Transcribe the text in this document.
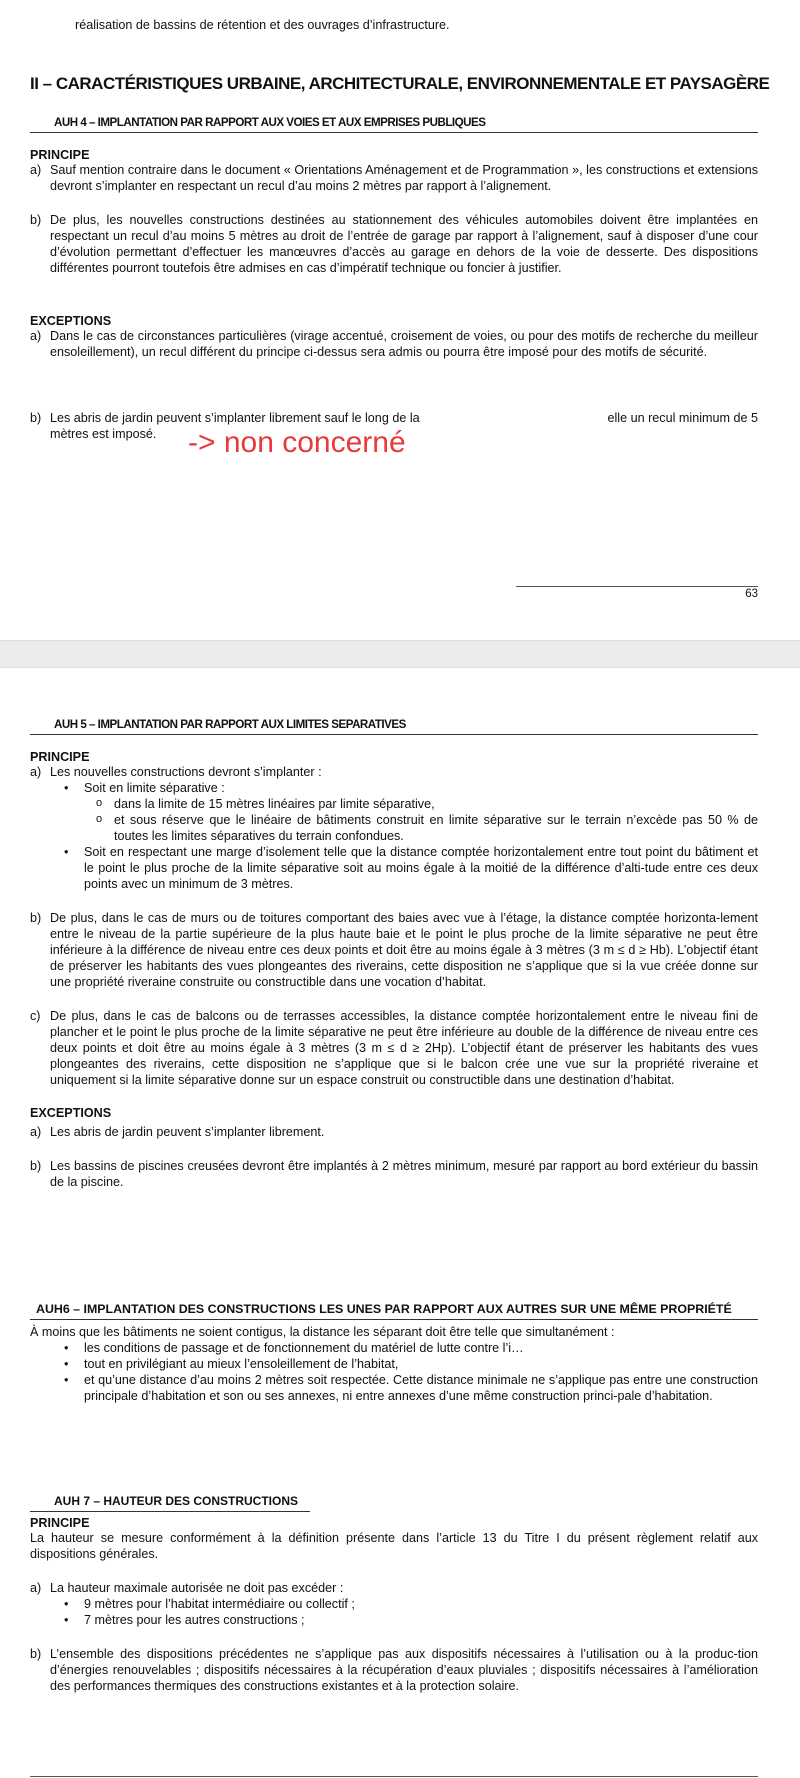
réalisation de bassins de rétention et des ouvrages d’infrastructure.

II – CARACTÉRISTIQUES URBAINE, ARCHITECTURALE, ENVIRONNEMENTALE ET PAYSAGÈRE

AUH 4 – IMPLANTATION PAR RAPPORT AUX VOIES ET AUX EMPRISES PUBLIQUES

PRINCIPE

a) Sauf mention contraire dans le document « Orientations Aménagement et de Programmation », les constructions et extensions devront s’implanter en respectant un recul d’au moins 2 mètres par rapport à l’alignement.
b) De plus, les nouvelles constructions destinées au stationnement des véhicules automobiles doivent être implantées en respectant un recul d’au moins 5 mètres au droit de l’entrée de garage par rapport à l’alignement, sauf à disposer d’une cour d’évolution permettant d’effectuer les manœuvres d’accès au garage en dehors de la voie de desserte. Des dispositions différentes pourront toutefois être admises en cas d’impératif technique ou foncier à justifier.

EXCEPTIONS

a) Dans le cas de circonstances particulières (virage accentué, croisement de voies, ou pour des motifs de recherche du meilleur ensoleillement), un recul différent du principe ci-dessus sera admis ou pourra être imposé pour des motifs de sécurité.
b) Les abris de jardin peuvent s’implanter librement sauf le long de la	elle un recul minimum de 5

mètres est imposé.	-> non concerné
63

AUH 5 – IMPLANTATION PAR RAPPORT AUX LIMITES SEPARATIVES

PRINCIPE

a) Les nouvelles constructions devront s’implanter :
• Soit en limite séparative :
o dans la limite de 15 mètres linéaires par limite séparative,
o et sous réserve que le linéaire de bâtiments construit en limite séparative sur le terrain n’excède pas 50 % de toutes les limites séparatives du terrain confondues.
• Soit en respectant une marge d’isolement telle que la distance comptée horizontalement entre tout point du bâtiment et le point le plus proche de la limite séparative soit au moins égale à la moitié de la différence d’alti-tude entre ces deux points avec un minimum de 3 mètres.
b) De plus, dans le cas de murs ou de toitures comportant des baies avec vue à l’étage, la distance comptée horizonta-lement entre le niveau de la partie supérieure de la plus haute baie et le point le plus proche de la limite séparative ne peut être inférieure à la différence de niveau entre ces deux points et doit être au moins égale à 3 mètres (3 m ≤ d ≥ Hb). L’objectif étant de préserver les habitants des vues plongeantes des riverains, cette disposition ne s’applique que si la vue créée donne sur une propriété riveraine construite ou constructible dans une vocation d’habitat.
c) De plus, dans le cas de balcons ou de terrasses accessibles, la distance comptée horizontalement entre le niveau fini de plancher et le point le plus proche de la limite séparative ne peut être inférieure au double de la différence de niveau entre ces deux points et doit être au moins égale à 3 mètres (3 m ≤ d ≥ 2Hp). L’objectif étant de préserver les habitants des vues plongeantes des riverains, cette disposition ne s’applique que si le balcon crée une vue sur la propriété riveraine et uniquement si la limite séparative donne sur un espace construit ou constructible dans une destination d’habitat.

EXCEPTIONS

a) Les abris de jardin peuvent s’implanter librement.
b) Les bassins de piscines creusées devront être implantés à 2 mètres minimum, mesuré par rapport au bord extérieur du bassin de la piscine.

AUH6 – IMPLANTATION DES CONSTRUCTIONS LES UNES PAR RAPPORT AUX AUTRES SUR UNE MÊME PROPRIÉTÉ

À moins que les bâtiments ne soient contigus, la distance les séparant doit être telle que simultanément :

• les conditions de passage et de fonctionnement du matériel de lutte contre l’i…
• tout en privilégiant au mieux l’ensoleillement de l’habitat,
• et qu’une distance d’au moins 2 mètres soit respectée. Cette distance minimale ne s’applique pas entre une construction principale d’habitation et son ou ses annexes, ni entre annexes d’une même construction princi-pale d’habitation.

AUH 7 – HAUTEUR DES CONSTRUCTIONS

PRINCIPE

La hauteur se mesure conformément à la définition présente dans l’article 13 du Titre I du présent règlement relatif aux dispositions générales.

a) La hauteur maximale autorisée ne doit pas excéder :
• 9 mètres pour l’habitat intermédiaire ou collectif ;
• 7 mètres pour les autres constructions ;
b) L’ensemble des dispositions précédentes ne s’applique pas aux dispositifs nécessaires à l’utilisation ou à la produc-tion d’énergies renouvelables ; dispositifs nécessaires à la récupération d’eaux pluviales ; dispositifs nécessaires à l’amélioration des performances thermiques des constructions existantes et à la protection solaire.
